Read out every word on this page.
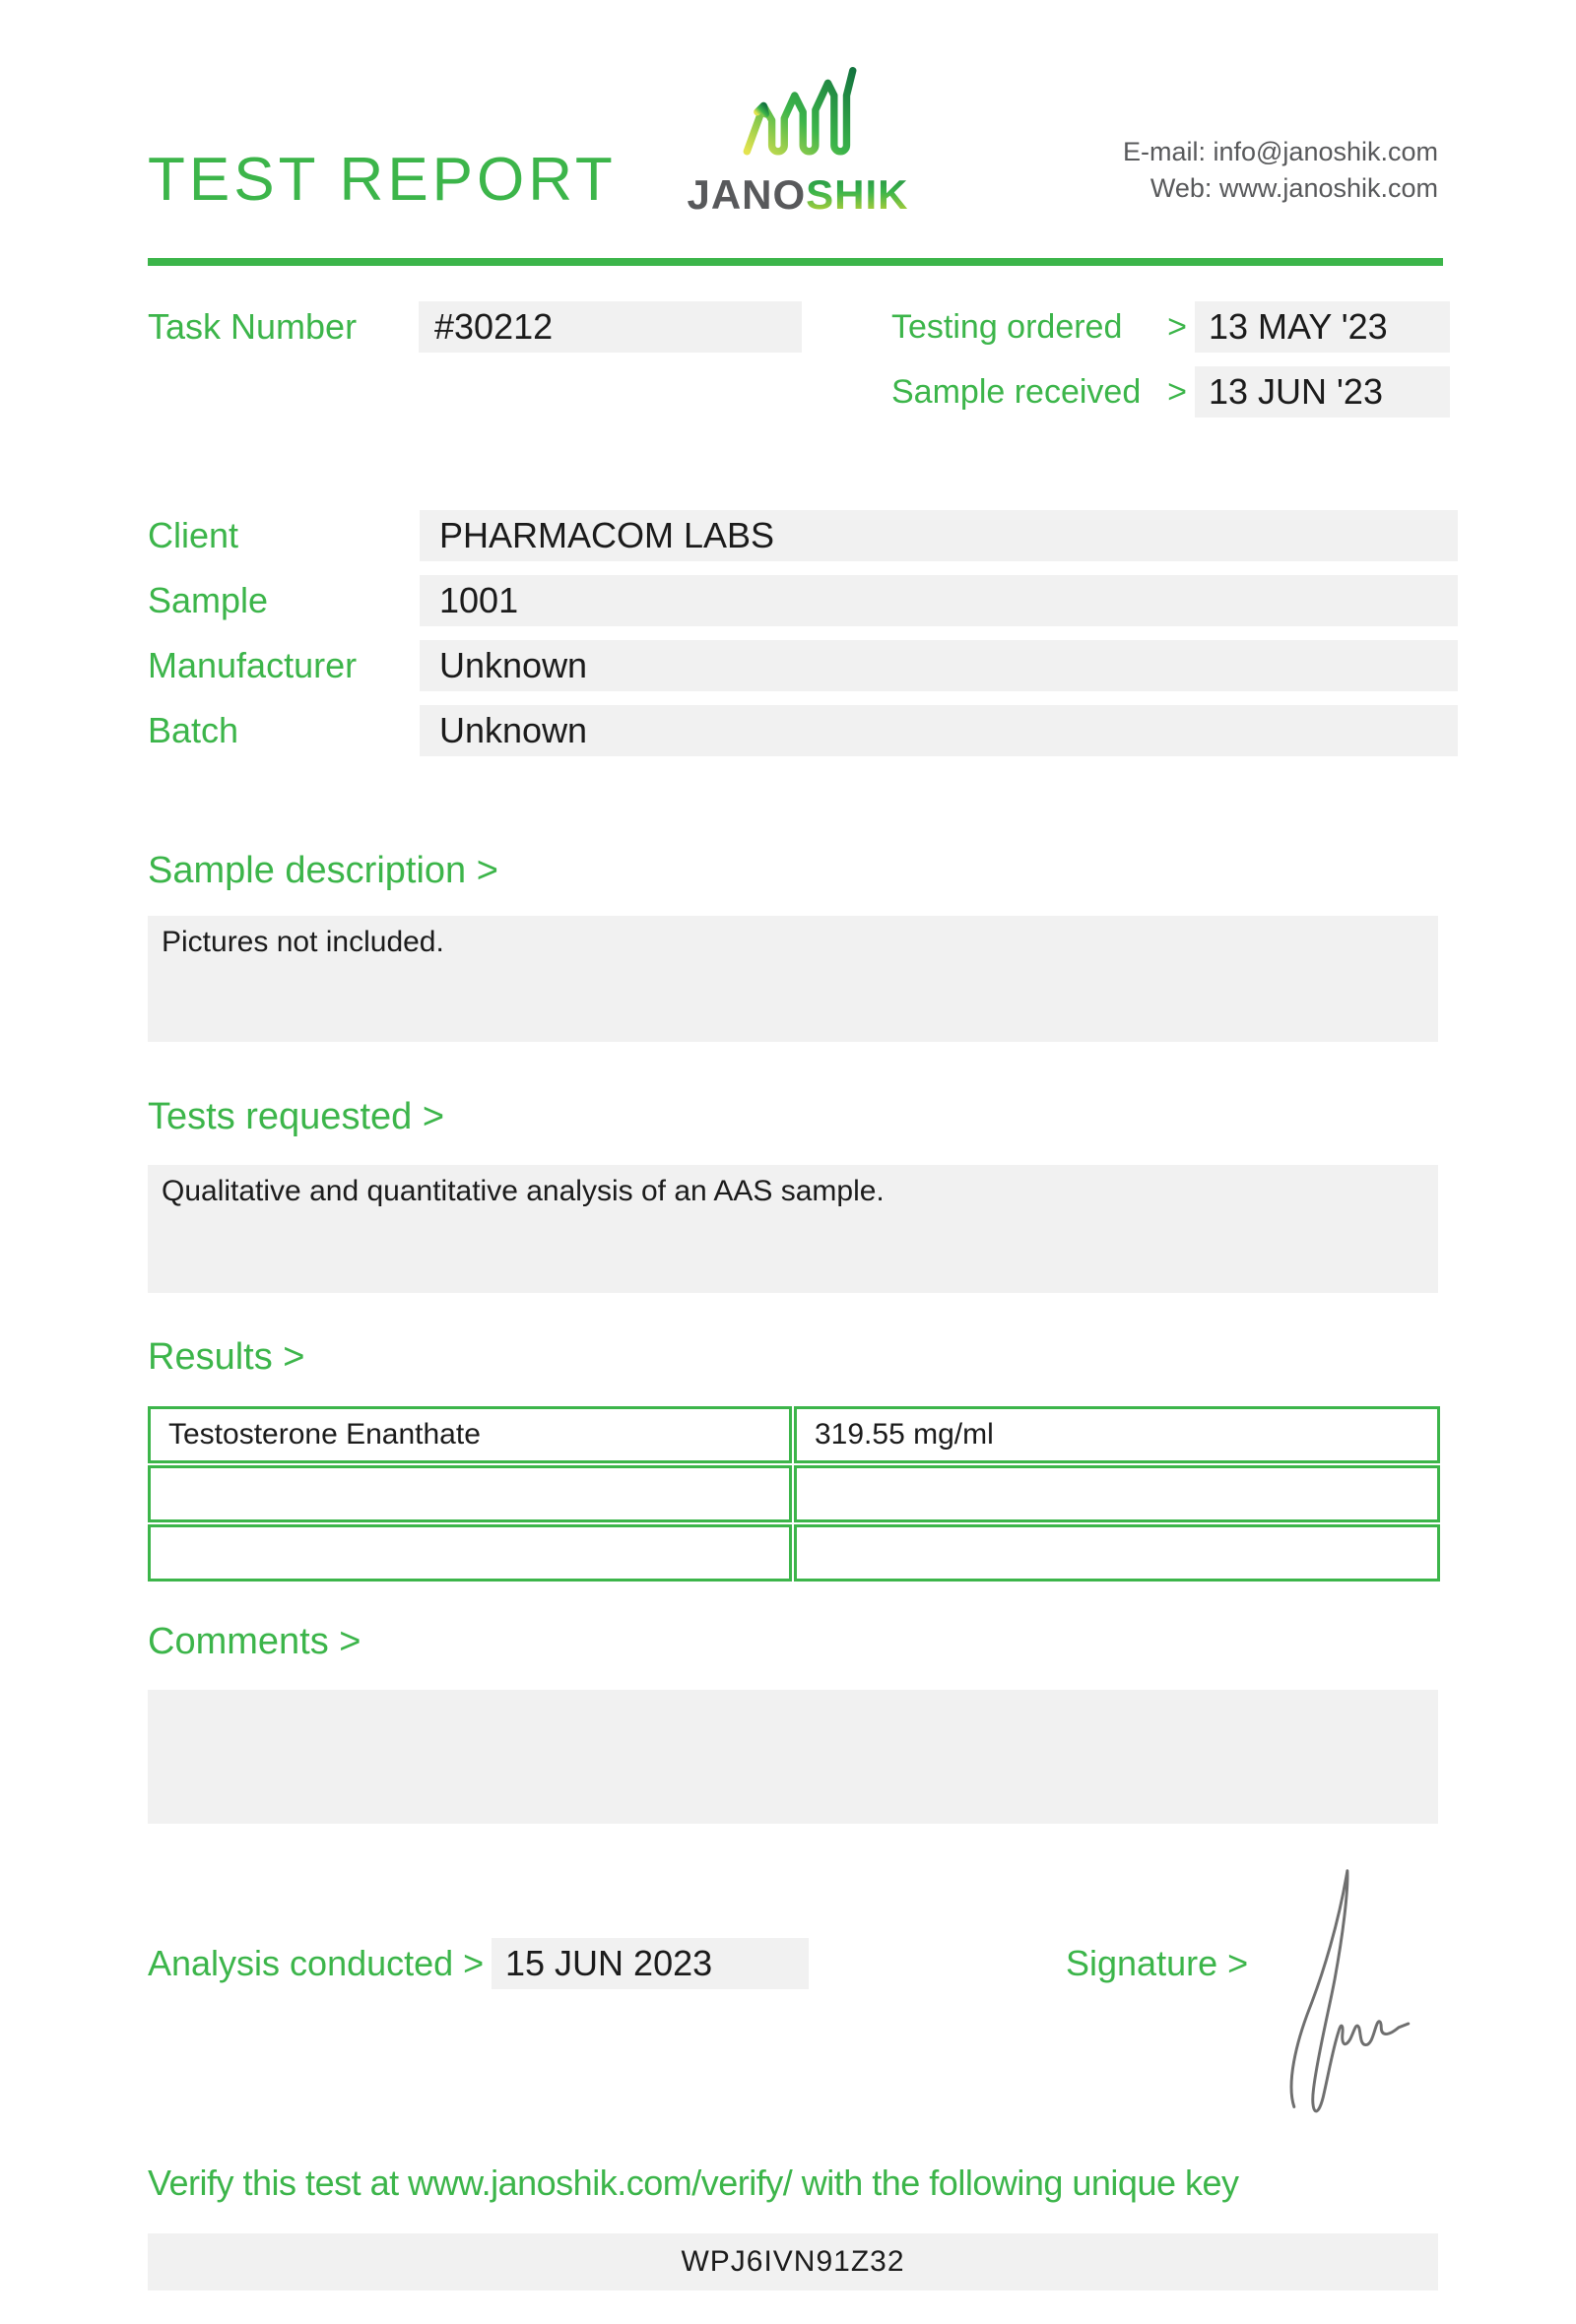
TEST REPORT JANOSHIK
E-mail: info@janoshik.com
Web: www.janoshik.com
Task Number	#30212	Testing ordered > 13 MAY '23
Sample received > 13 JUN '23
Client	PHARMACOM LABS
Sample	1001
Manufacturer	Unknown
Batch	Unknown
Sample description >
Pictures not included.
Tests requested >
Qualitative and quantitative analysis of an AAS sample.
Results >
Testosterone Enanthate	319.55 mg/ml
Comments >
Analysis conducted > 15 JUN 2023	Signature >
Verify this test at www.janoshik.com/verify/ with the following unique key
WPJ6IVN91Z32
